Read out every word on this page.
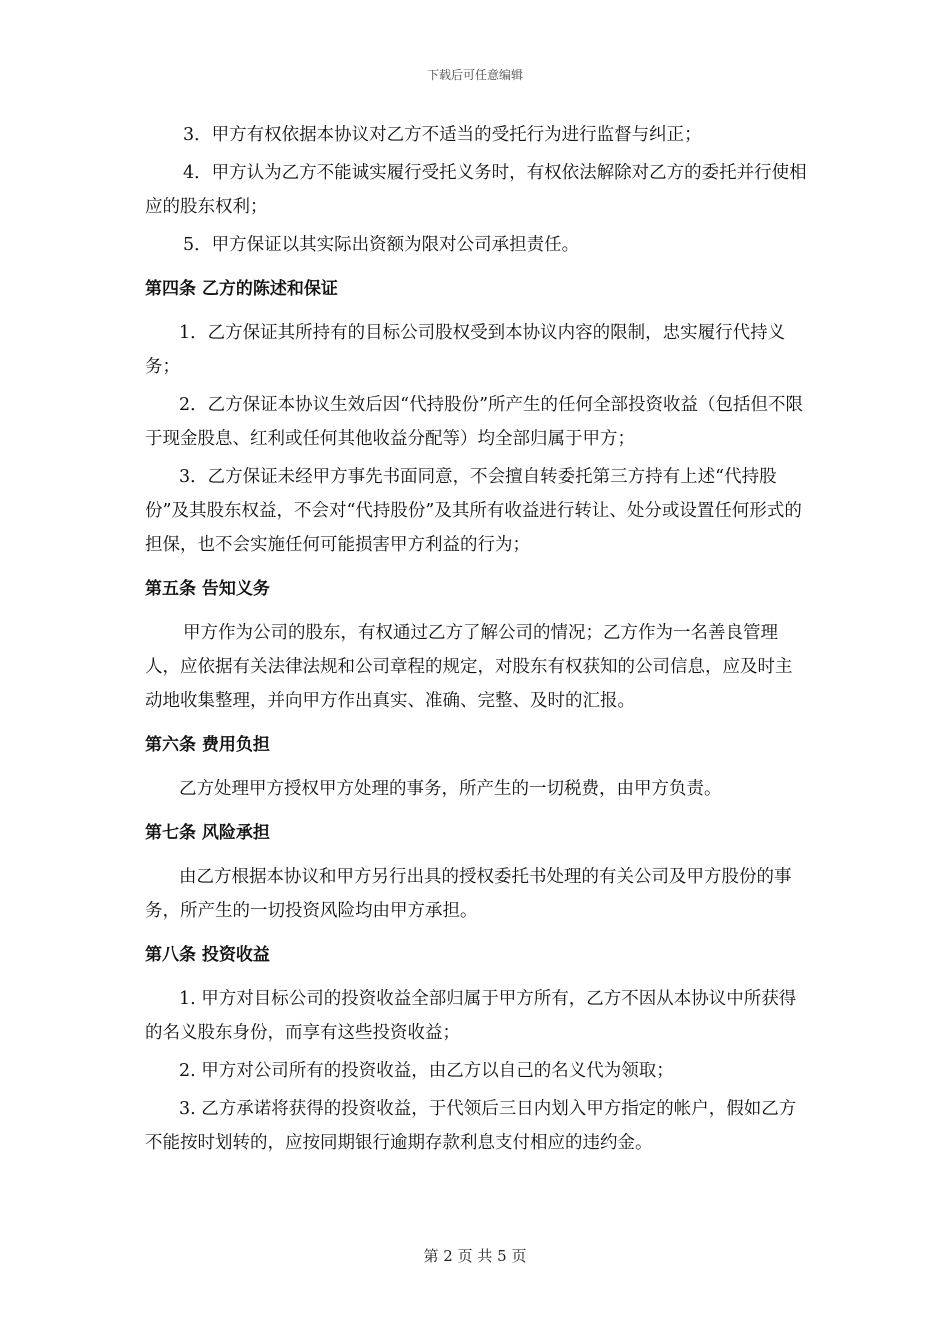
下载后可任意编辑

3．甲方有权依据本协议对乙方不适当的受托行为进行监督与纠正；

4．甲方认为乙方不能诚实履行受托义务时，有权依法解除对乙方的委托并行使相应的股东权利；

5．甲方保证以其实际出资额为限对公司承担责任。

第四条 乙方的陈述和保证

1．乙方保证其所持有的目标公司股权受到本协议内容的限制，忠实履行代持义务；

2．乙方保证本协议生效后因“代持股份”所产生的任何全部投资收益（包括但不限于现金股息、红利或任何其他收益分配等）均全部归属于甲方；

3．乙方保证未经甲方事先书面同意，不会擅自转委托第三方持有上述“代持股份”及其股东权益，不会对“代持股份”及其所有收益进行转让、处分或设置任何形式的担保，也不会实施任何可能损害甲方利益的行为；

第五条 告知义务

甲方作为公司的股东，有权通过乙方了解公司的情况；乙方作为一名善良管理人，应依据有关法律法规和公司章程的规定，对股东有权获知的公司信息，应及时主动地收集整理，并向甲方作出真实、准确、完整、及时的汇报。

第六条 费用负担

乙方处理甲方授权甲方处理的事务，所产生的一切税费，由甲方负责。

第七条 风险承担

由乙方根据本协议和甲方另行出具的授权委托书处理的有关公司及甲方股份的事务，所产生的一切投资风险均由甲方承担。

第八条 投资收益

1. 甲方对目标公司的投资收益全部归属于甲方所有，乙方不因从本协议中所获得的名义股东身份，而享有这些投资收益；

2. 甲方对公司所有的投资收益，由乙方以自己的名义代为领取；

3. 乙方承诺将获得的投资收益，于代领后三日内划入甲方指定的帐户，假如乙方不能按时划转的，应按同期银行逾期存款利息支付相应的违约金。

第 2 页 共 5 页
